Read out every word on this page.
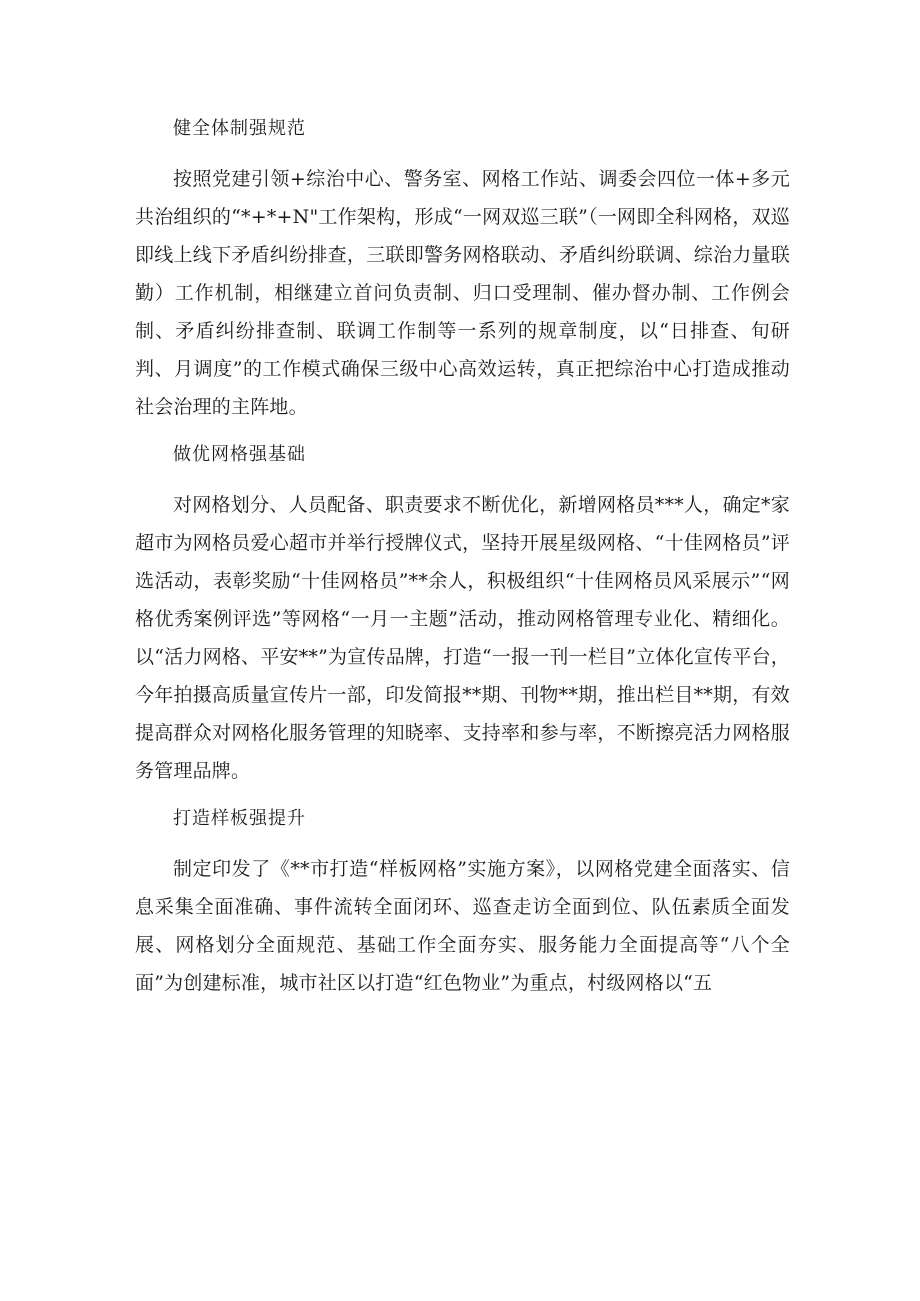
健全体制强规范

按照党建引领+综治中心、警务室、网格工作站、调委会四位一体+多元共治组织的“*+*+N"工作架构，形成“一网双巡三联”（一网即全科网格，双巡即线上线下矛盾纠纷排查，三联即警务网格联动、矛盾纠纷联调、综治力量联勤）工作机制，相继建立首问负责制、归口受理制、催办督办制、工作例会制、矛盾纠纷排查制、联调工作制等一系列的规章制度，以“日排查、旬研判、月调度”的工作模式确保三级中心高效运转，真正把综治中心打造成推动社会治理的主阵地。

做优网格强基础

对网格划分、人员配备、职责要求不断优化，新增网格员***人，确定*家超市为网格员爱心超市并举行授牌仪式，坚持开展星级网格、“十佳网格员”评选活动，表彰奖励“十佳网格员”**余人，积极组织“十佳网格员风采展示”“网格优秀案例评选”等网格“一月一主题”活动，推动网格管理专业化、精细化。以“活力网格、平安**”为宣传品牌，打造“一报一刊一栏目”立体化宣传平台，今年拍摄高质量宣传片一部，印发简报**期、刊物**期，推出栏目**期，有效提高群众对网格化服务管理的知晓率、支持率和参与率，不断擦亮活力网格服务管理品牌。

打造样板强提升

制定印发了《**市打造“样板网格”实施方案》，以网格党建全面落实、信息采集全面准确、事件流转全面闭环、巡查走访全面到位、队伍素质全面发展、网格划分全面规范、基础工作全面夯实、服务能力全面提高等“八个全面”为创建标准，城市社区以打造“红色物业”为重点，村级网格以“五
